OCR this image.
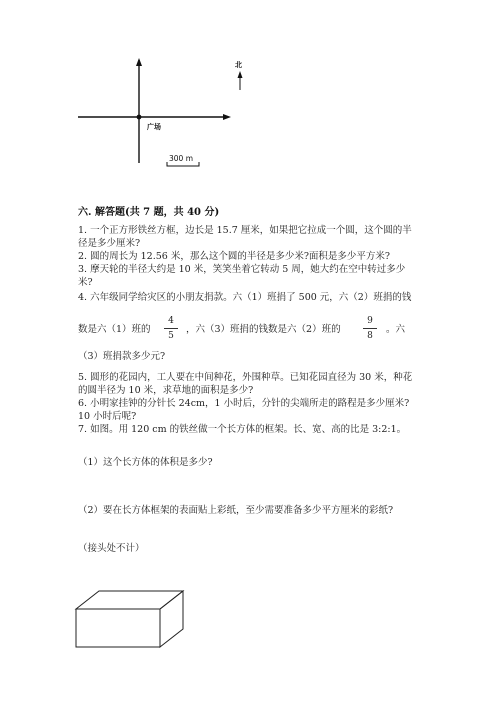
北
广场
300 m
六. 解答题(共 7 题，共 40 分)
1. 一个正方形铁丝方框，边长是 15.7 厘米，如果把它拉成一个圆，这个圆的半
径是多少厘米?
2. 圆的周长为 12.56 米，那么这个圆的半径是多少米?面积是多少平方米?
3. 摩天轮的半径大约是 10 米，笑笑坐着它转动 5 周，她大约在空中转过多少
米?
4. 六年级同学给灾区的小朋友捐款。六（1）班捐了 500 元，六（2）班捐的钱
数是六（1）班的
4
5
，六（3）班捐的钱数是六（2）班的
9
8
。六
（3）班捐款多少元?
5. 圆形的花园内，工人要在中间种花，外围种草。已知花园直径为 30 米，种花
的圆半径为 10 米，求草地的面积是多少?
6. 小明家挂钟的分针长 24cm，1 小时后，分针的尖端所走的路程是多少厘米?
10 小时后呢?
7. 如图。用 120 cm 的铁丝做一个长方体的框架。长、宽、高的比是 3:2:1。
（1）这个长方体的体积是多少?
（2）要在长方体框架的表面贴上彩纸，至少需要准备多少平方厘米的彩纸?
（接头处不计）
